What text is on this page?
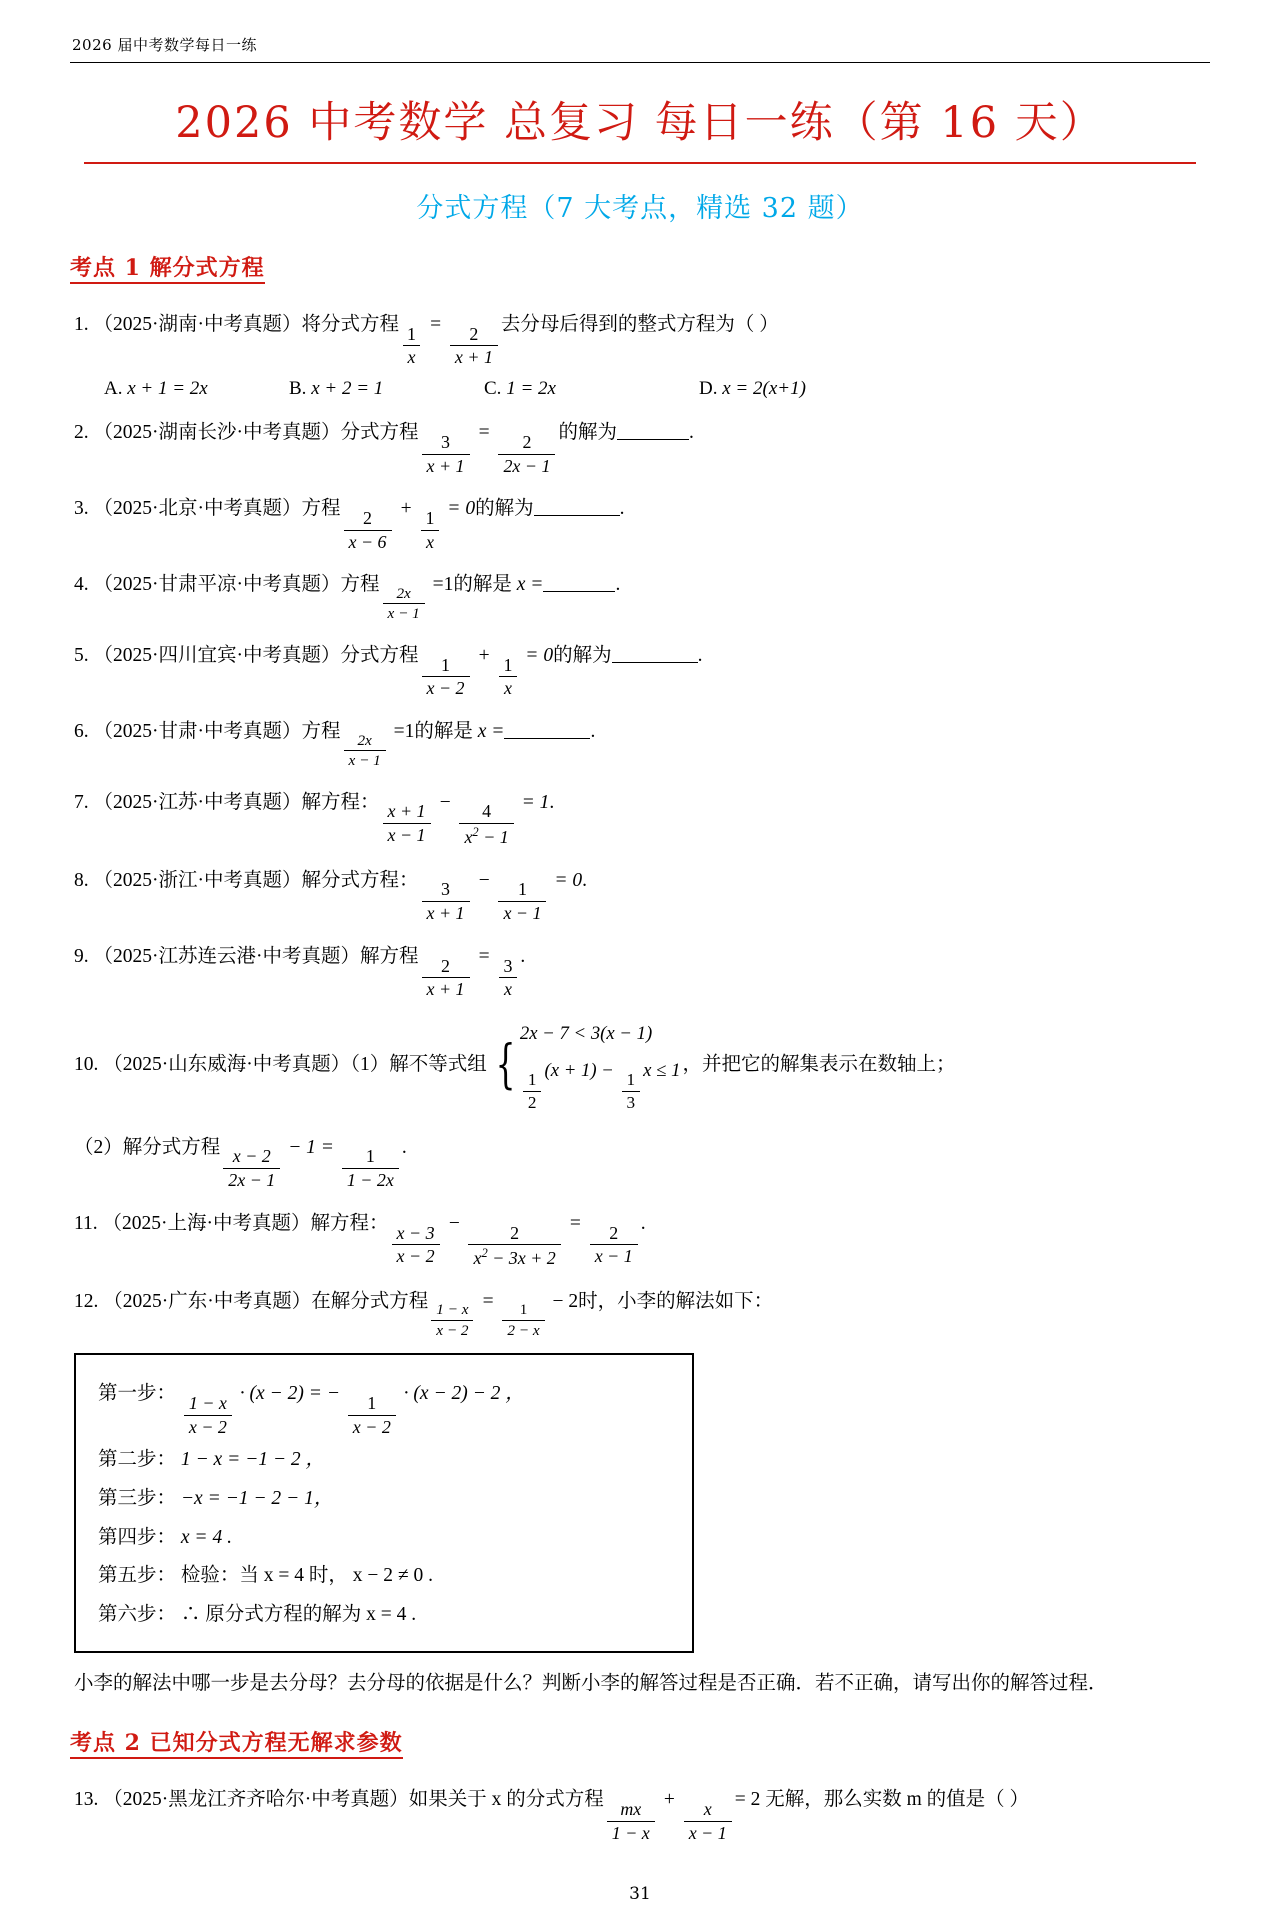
2026 届中考数学每日一练
2026 中考数学 总复习 每日一练（第 16 天）
分式方程（7 大考点，精选 32 题）
考点 1 解分式方程
1. （2025·湖南·中考真题）将分式方程 $\frac{1}{x} = \frac{2}{x + 1}$ 去分母后得到的整式方程为（ ）
A. x + 1 = 2x	B. x + 2 = 1	C. 1 = 2x	D. x = 2(x+1)
2. （2025·湖南长沙·中考真题）分式方程 $\frac{3}{x + 1} = \frac{2}{2x - 1}$ 的解为	.
3. （2025·北京·中考真题）方程 $\frac{2}{x - 6} + \frac{1}{x} = 0$的解为	.
4. （2025·甘肃平凉·中考真题）方程
$\frac{2x}{x - 1}$
=1的解是 x =	.
5. （2025·四川宜宾·中考真题）分式方程 $\frac{1}{x - 2} + \frac{1}{x} = 0$的解为	.
6. （2025·甘肃·中考真题）方程
$\frac{2x}{x - 1}$
=1的解是 x =	.
7. （2025·江苏·中考真题）解方程： $\frac{x + 1}{x - 1} - \frac{4}{x^2 - 1} = 1$.
8. （2025·浙江·中考真题）解分式方程： $\frac{3}{x + 1} - \frac{1}{x - 1} = 0$.
9. （2025·江苏连云港·中考真题）解方程 $\frac{2}{x + 1} = \frac{3}{x}$ .
10. （2025·山东威海·中考真题）（1）解不等式组 {
2x − 7 < 3(x − 1)
$\frac{1}{2} (x + 1) - \frac{1}{3}$ x ≤ 1 ，并把它的解集表示在数轴上；
（2）解分式方程 $\frac{x - 2}{2x - 1} - 1 = \frac{1}{1 - 2x}$ .
11. （2025·上海·中考真题）解方程： $\frac{x - 3}{x - 2} - \frac{2}{x^2 - 3x + 2} = \frac{2}{x - 1}$ .
12. （2025·广东·中考真题）在解分式方程
$\frac{1 - x}{x - 2}$
=
$\frac{1}{2 - x}$
− 2时，小李的解法如下：
第一步： $\frac{1 - x}{x - 2} \cdot (x - 2)$ = − $\frac{1}{x - 2} \cdot (x - 2) - 2$ ，
第二步： 1 − x = −1 − 2 ，
第三步： −x = −1 − 2 − 1，
第四步： x = 4 .
第五步： 检验：当 x = 4 时， x − 2 ≠ 0 .
第六步： ∴ 原分式方程的解为 x = 4 .
小李的解法中哪一步是去分母？去分母的依据是什么？判断小李的解答过程是否正确．若不正确，请写出你的解答过程．
考点 2 已知分式方程无解求参数
13. （2025·黑龙江齐齐哈尔·中考真题）如果关于 x 的分式方程 $\frac{mx}{1 - x} + \frac{x}{x - 1} = 2$ 无解，那么实数 m 的值是（ ）
31
